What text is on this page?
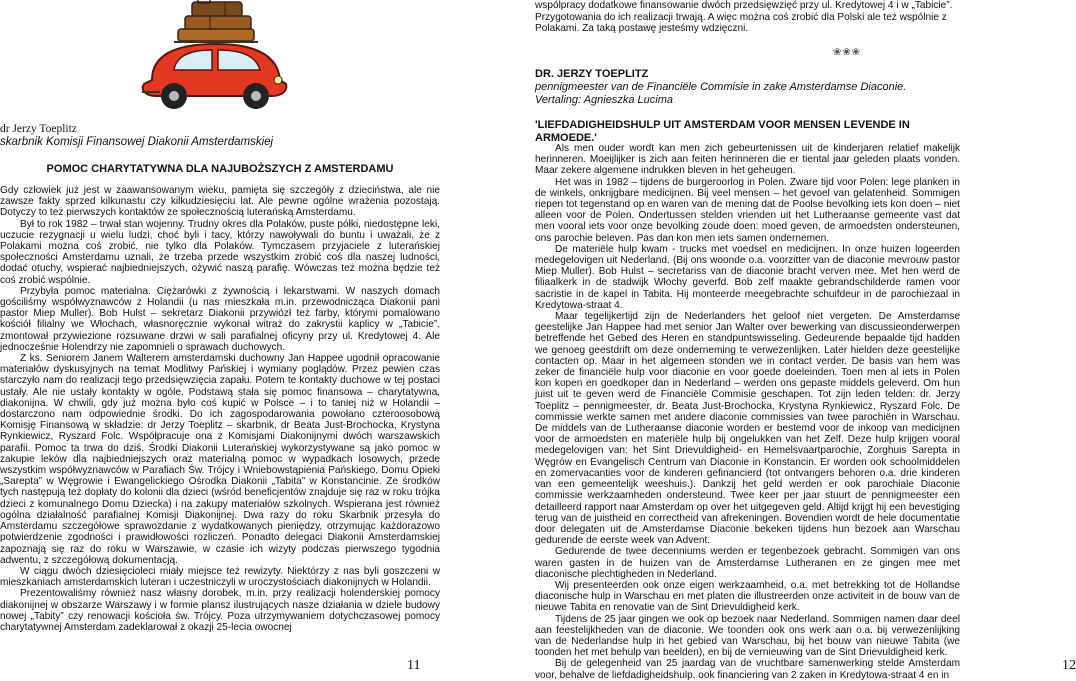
dr Jerzy Toeplitz
skarbnik Komisji Finansowej Diakonii Amsterdamskiej
POMOC CHARYTATYWNA DLA NAJUBOŻSZYCH Z AMSTERDAMU

Gdy człowiek już jest w zaawansowanym wieku, pamięta się szczegóły z dzieciństwa, ale nie zawsze fakty sprzed kilkunastu czy kilkudziesięciu lat. Ale pewne ogólne wrażenia pozostają. Dotyczy to też pierwszych kontaktów ze społecznością luterańską Amsterdamu.

Był to rok 1982 – trwał stan wojenny. Trudny okres dla Polaków, puste półki, niedostępne leki, uczucie rezygnacji u wielu ludzi, choć byli i tacy, którzy nawoływali do buntu i uważali, że z Polakami można coś zrobić, nie tylko dla Polaków. Tymczasem przyjaciele z luterańskiej społeczności Amsterdamu uznali, że trzeba przede wszystkim zrobić coś dla naszej ludności, dodać otuchy, wspierać najbiedniejszych, ożywić naszą parafię. Wówczas też można będzie też coś zrobić wspólnie.

Przybyła pomoc materialna. Ciężarówki z żywnością i lekarstwami. W naszych domach gościliśmy współwyznawców z Holandii (u nas mieszkała m.in. przewodnicząca Diakonii pani pastor Miep Muller). Bob Hulst – sekretarz Diakonii przywiózł też farby, którymi pomalowano kościół filialny we Włochach, własnoręcznie wykonał witraż do zakrystii kaplicy w „Tabicie”, zmontował przywiezione rozsuwane drzwi w sali parafialnej oficyny przy ul. Kredytowej 4. Ale jednocześnie Holendrzy nie zapomnieli o sprawach duchowych.

Z ks. Seniorem Janem Walterem amsterdamski duchowny Jan Happee ugodnił opracowanie materiałów dyskusyjnych na temat Modlitwy Pańskiej i wymiany poglądów. Przez pewien czas starczyło nam do realizacji tego przedsięwzięcia zapału. Potem te kontakty duchowe w tej postaci ustały. Ale nie ustały kontakty w ogóle. Podstawą stała się pomoc finansowa – charytatywna, diakonijna. W chwili, gdy już można było coś kupić w Polsce – i to taniej niż w Holandii – dostarczono nam odpowiednie środki. Do ich zagospodarowania powołano czteroosobową Komisję Finansową w składzie: dr Jerzy Toeplitz – skarbnik, dr Beata Just-Brochocka, Krystyna Rynkiewicz, Ryszard Folc. Współpracuje ona z Komisjami Diakonijnymi dwóch warszawskich parafii. Pomoc ta trwa do dziś. Środki Diakonii Luterańskiej wykorzystywane są jako pomoc w zakupie leków dla najbiedniejszych oraz materialną pomoc w wypadkach losowych, przede wszystkim współwyznawców w Parafiach Św. Trójcy i Wniebowstąpienia Pańskiego, Domu Opieki „Sarepta” w Węgrowie i Ewangelickiego Ośrodka Diakonii „Tabita” w Konstancinie. Ze środków tych następują też dopłaty do kolonii dla dzieci (wśród beneficjentów znajduje się raz w roku trójka dzieci z komunalnego Domu Dziecka) i na zakupy materiałów szkolnych. Wspierana jest również ogólna działalność parafialnej Komisji Diakonijnej. Dwa razy do roku Skarbnik przesyła do Amsterdamu szczegółowe sprawozdanie z wydatkowanych pieniędzy, otrzymując każdorazowo potwierdzenie zgodności i prawidłowości rozliczeń. Ponadto delegaci Diakonii Amsterdamskiej zapoznają się raz do roku w Warszawie, w czasie ich wizyty podczas pierwszego tygodnia adwentu, z szczegółową dokumentacją.

W ciągu dwóch dziesięcioleci miały miejsce też rewizyty. Niektórzy z nas byli goszczeni w mieszkaniach amsterdamskich luteran i uczestniczyli w uroczystościach diakonijnych w Holandii.

Prezentowaliśmy również nasz własny dorobek, m.in. przy realizacji holenderskiej pomocy diakonijnej w obszarze Warszawy i w formie plansz ilustrujących nasze działania w dziele budowy nowej „Tabity” czy renowacji kościoła św. Trójcy. Poza utrzymywaniem dotychczasowej pomocy charytatywnej Amsterdam zadeklarował z okazji 25-lecia owocnej

11
wspólpracy dodatkowe finansowanie dwóch przedsięwzięć przy ul. Kredytowej 4 i w „Tabicie”. Przygotowania do ich realizacji trwają. A więc można coś zrobić dla Polski ale też wspólnie z Polakami. Za taką postawę jesteśmy wdzięczni.
❀❀❀
DR. JERZY TOEPLITZ
pennigmeester van de Financiële Commisie in zake Amsterdamse Diaconie.
Vertaling: Agnieszka Lucima
'LIEFDADIGHEIDSHULP UIT AMSTERDAM VOOR MENSEN LEVENDE IN ARMOEDE.'

Als men ouder wordt kan men zich gebeurtenissen uit de kinderjaren relatief makelijk herinneren. Moeijlijker is zich aan feiten herinneren die er tiental jaar geleden plaats vonden. Maar zekere algemene indrukken bleven in het geheugen.

Het was in 1982 – tijdens de burgeroorlog in Polen. Zware tijd voor Polen: lege planken in de winkels, onkrijgbare medicijnen. Bij veel mensen – het gevoel van gelatenheid. Sommigen riepen tot tegenstand op en waren van de mening dat de Poolse bevolking iets kon doen – niet alleen voor de Polen. Ondertussen stelden vrienden uit het Lutheraanse gemeente vast dat men vooral iets voor onze bevolking zoude doen: moed geven, de armoedsten ondersteunen, ons parochie beleven. Pas dan kon men iets samen ondernemen.

De materiële hulp kwam - trucks met voedsel en medicijnen. In onze huizen logeerden medegelovigen uit Nederland. (Bij ons woonde o.a. voorzitter van de diaconie mevrouw pastor Miep Muller). Bob Hulst – secretariss van de diaconie bracht verven mee. Met hen werd de filiaalkerk in de stadwijk Włochy geverfd. Bob zelf maakte gebrandschilderde ramen voor sacristie in de kapel in Tabita. Hij monteerde meegebrachte schuifdeur in de parochiezaal in Kredytowa-straat 4.

Maar tegelijkertijd zijn de Nederlanders het geloof niet vergeten. De Amsterdamse geestelijke Jan Happee had met senior Jan Walter over bewerking van discussieonderwerpen betreffende het Gebed des Heren en standpuntswisseling. Gedeurende bepaalde tijd hadden we genoeg geestdrift om deze onderneming te verwezenlijken. Later hielden deze geestelijke contacten op. Maar in het algemeen stonden we in contact verder. De basis van hem was zeker de financiële hulp voor diaconie en voor goede doeleinden. Toen men al iets in Polen kon kopen en goedkoper dan in Nederland – werden ons gepaste middels geleverd. Om hun juist uit te geven werd de Financiële Commisie geschapen. Tot zijn leden telden: dr. Jerzy Toeplitz – pennigmeester, dr. Beata Just-Brochocka, Krystyna Rynkiewicz, Ryszard Folc. De commissie werkte samen met andere diaconie commissies van twee parochiën in Warschau. De middels van de Lutheraanse diaconie worden er bestemd voor de inkoop van medicijnen voor de armoedsten en materiële hulp bij ongelukken van het Zelf. Deze hulp krijgen vooral medegelovigen van: het Sint Drievuldigheid- en Hemelsvaartparochie, Zorghuis Sarepta in Węgrów en Evangelisch Centrum van Diaconie in Konstancin. Er worden ook schoolmiddelen en zomervacanties voor de kinderen gefinancierd (tot ontvangers behoren o.a. drie kinderen van een gemeentelijk weeshuis.). Dankzij het geld werden er ook parochiale Diaconie commissie werkzaamheden ondersteund. Twee keer per jaar stuurt de pennigmeester een detailleerd rapport naar Amsterdam op over het uitgegeven geld. Altijd krijgt hij een bevestiging terug van de juistheid en correctheid van afrekeningen. Bovendien wordt de hele documentatie door delegaten uit de Amsterdamse Diaconie bekeken tijdens hun bezoek aan Warschau gedurende de eerste week van Advent.

Gedurende de twee decenniums werden er tegenbezoek gebracht. Sommigen van ons waren gasten in de huizen van de Amsterdamse Lutheranen en ze gingen mee met diaconische plechtigheden in Nederland.

Wij presenteerden ook onze eigen werkzaamheid, o.a. met betrekking tot de Hollandse diaconische hulp in Warschau en met platen die illustreerden onze activiteit in de bouw van de nieuwe Tabita en renovatie van de Sint Drievuldigheid kerk.

Tijdens de 25 jaar gingen we ook op bezoek naar Nederland. Sommigen namen daar deel aan feestelijkheden van de diaconie. We toonden ook ons werk aan o.a. bij verwezenlijking van de Nederlandse hulp in het gebied van Warschau, bij het bouw van nieuwe Tabita (we toonden het met behulp van beelden), en bij de vernieuwing van de Sint Drievuldigheid kerk.

Bij de gelegenheid van 25 jaardag van de vruchtbare samenwerking stelde Amsterdam voor, behalve de liefdadigheidshulp, ook financiering van 2 zaken in Kredytowa-straat 4 en in

12
